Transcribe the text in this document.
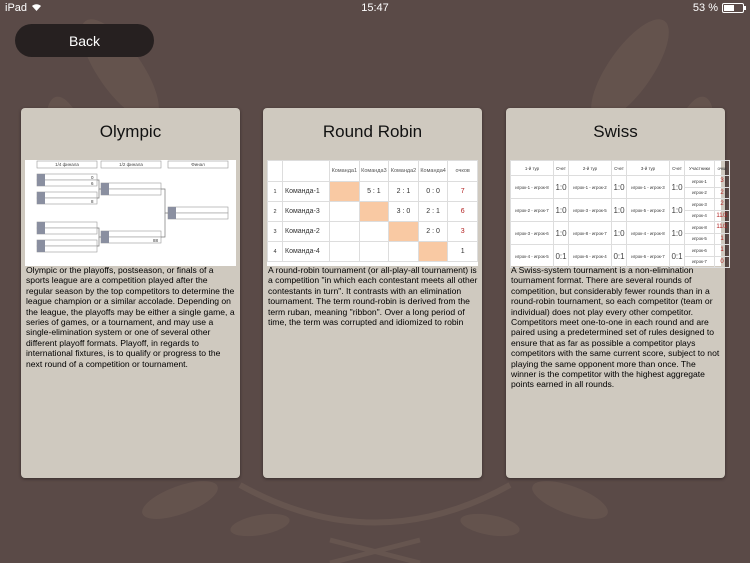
iPad	15:47	53 %
Back
Olympic
1/4 финала	1/2 финала	Финал
0
6
8
88
Olympic or the playoffs, postseason, or finals of a sports league are a competition played after the regular season by the top competitors to determine the league champion or a similar accolade. Depending on the league, the playoffs may be either a single game, a series of games, or a tournament, and may use a single-elimination system or one of several other different playoff formats. Playoff, in regards to international fixtures, is to qualify or progress to the next round of a competition or tournament.
Round Robin
		Команда1	Команда3	Команда2	Команда4	очков
1	Команда-1		5 : 1	2 : 1	0 : 0	7
2	Команда-3			3 : 0	2 : 1	6
3	Команда-2				2 : 0	3
4	Команда-4					1
A round-robin tournament (or all-play-all tournament) is a competition "in which each contestant meets all other contestants in turn". It contrasts with an elimination tournament. The term round-robin is derived from the term ruban, meaning "ribbon". Over a long period of time, the term was corrupted and idiomized to robin
Swiss
1-й тур	Счет	2-й тур	Счет	3-й тур	Счет	Участники	очки
игрок-1 - игрок-8	1:0	игрок-1 - игрок-2	1:0	игрок-1 - игрок-3	1:0	игрок-1	3
						игрок-2	2
игрок-2 - игрок-7	1:0	игрок-3 - игрок-5	1:0	игрок-5 - игрок-2	1:0	игрок-3	2
						игрок-4	11/2
игрок-3 - игрок-6	1:0	игрок-8 - игрок-7	1:0	игрок-4 - игрок-8	1:0	игрок-8	11/2
						игрок-5	1
игрок-4 - игрок-5	0:1	игрок-6 - игрок-4	0:1	игрок-6 - игрок-7	0:1	игрок-6	1
						игрок-7	0
A Swiss-system tournament is a non-elimination tournament format. There are several rounds of competition, but considerably fewer rounds than in a round-robin tournament, so each competitor (team or individual) does not play every other competitor. Competitors meet one-to-one in each round and are paired using a predetermined set of rules designed to ensure that as far as possible a competitor plays competitors with the same current score, subject to not playing the same opponent more than once. The winner is the competitor with the highest aggregate points earned in all rounds.
